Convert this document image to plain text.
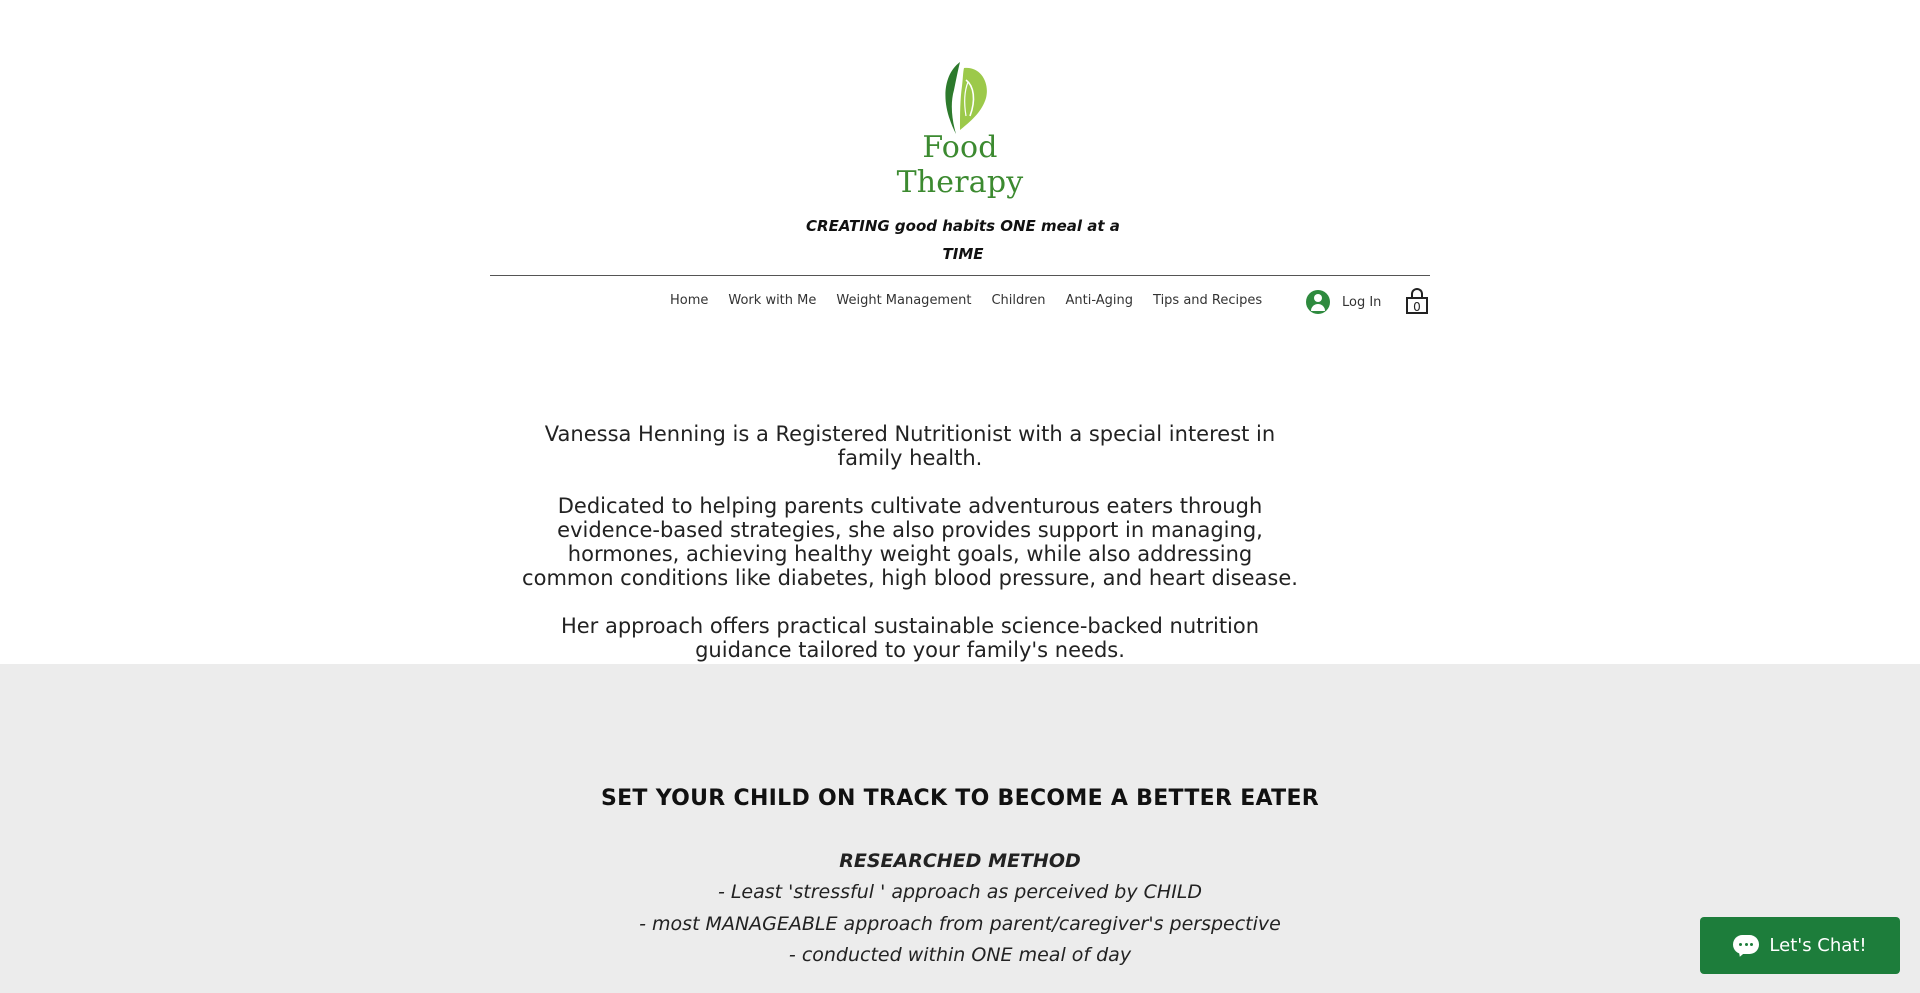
Food Therapy
CREATING good habits ONE meal at a
TIME
Home	Work with Me	Weight Management	Children	Anti-Aging	Tips and Recipes	Log In	0

Vanessa Henning is a Registered Nutritionist with a special interest in family health.

Dedicated to helping parents cultivate adventurous eaters through evidence-based strategies, she also provides support in managing, hormones, achieving healthy weight goals, while also addressing common conditions like diabetes, high blood pressure, and heart disease.

Her approach offers practical sustainable science-backed nutrition guidance tailored to your family's needs.

SET YOUR CHILD ON TRACK TO BECOME A BETTER EATER
RESEARCHED METHOD
- Least 'stressful ' approach as perceived by CHILD
- most MANAGEABLE approach from parent/caregiver's perspective
- conducted within ONE meal of day	Let's Chat!
